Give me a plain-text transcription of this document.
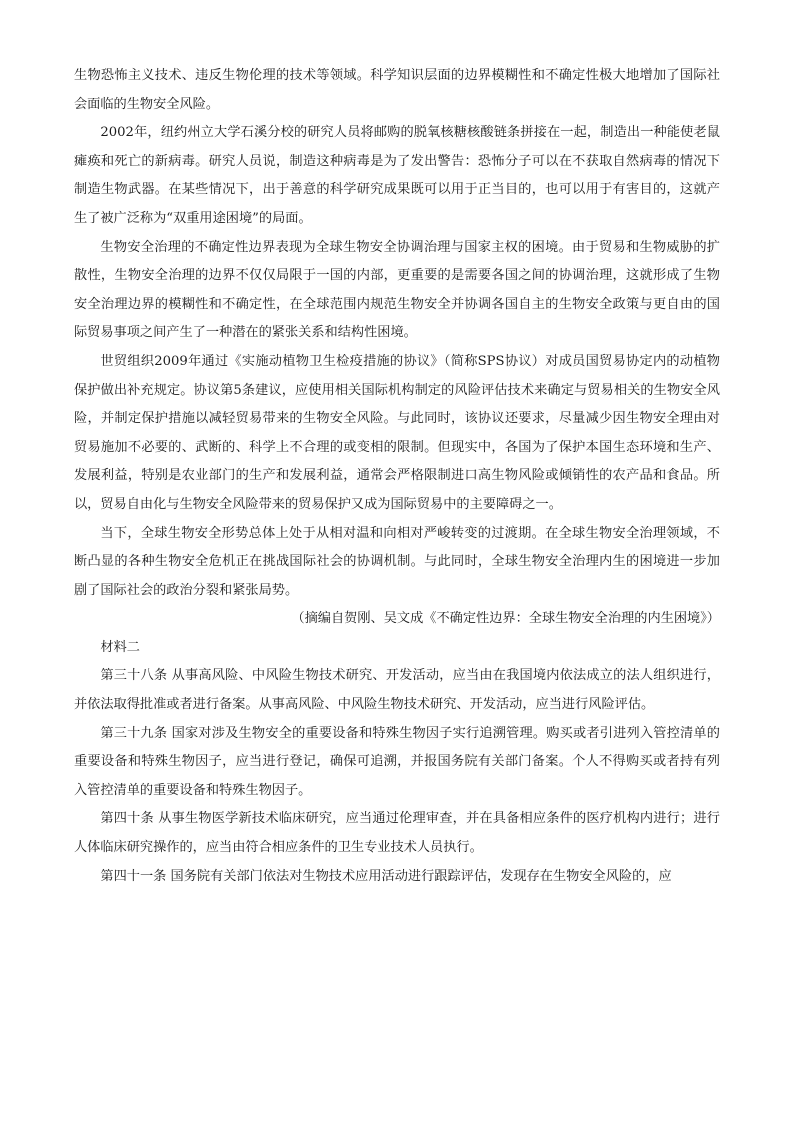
生物恐怖主义技术、违反生物伦理的技术等领域。科学知识层面的边界模糊性和不确定性极大地增加了国际社会面临的生物安全风险。

2002年，纽约州立大学石溪分校的研究人员将邮购的脱氧核糖核酸链条拼接在一起，制造出一种能使老鼠瘫痪和死亡的新病毒。研究人员说，制造这种病毒是为了发出警告：恐怖分子可以在不获取自然病毒的情况下制造生物武器。在某些情况下，出于善意的科学研究成果既可以用于正当目的，也可以用于有害目的，这就产生了被广泛称为“双重用途困境”的局面。

生物安全治理的不确定性边界表现为全球生物安全协调治理与国家主权的困境。由于贸易和生物威胁的扩散性，生物安全治理的边界不仅仅局限于一国的内部，更重要的是需要各国之间的协调治理，这就形成了生物安全治理边界的模糊性和不确定性，在全球范围内规范生物安全并协调各国自主的生物安全政策与更自由的国际贸易事项之间产生了一种潜在的紧张关系和结构性困境。

世贸组织2009年通过《实施动植物卫生检疫措施的协议》（简称SPS协议）对成员国贸易协定内的动植物保护做出补充规定。协议第5条建议，应使用相关国际机构制定的风险评估技术来确定与贸易相关的生物安全风险，并制定保护措施以减轻贸易带来的生物安全风险。与此同时，该协议还要求，尽量减少因生物安全理由对贸易施加不必要的、武断的、科学上不合理的或变相的限制。但现实中，各国为了保护本国生态环境和生产、发展利益，特别是农业部门的生产和发展利益，通常会严格限制进口高生物风险或倾销性的农产品和食品。所以，贸易自由化与生物安全风险带来的贸易保护又成为国际贸易中的主要障碍之一。

当下，全球生物安全形势总体上处于从相对温和向相对严峻转变的过渡期。在全球生物安全治理领域，不断凸显的各种生物安全危机正在挑战国际社会的协调机制。与此同时，全球生物安全治理内生的困境进一步加剧了国际社会的政治分裂和紧张局势。

（摘编自贺刚、吴文成《不确定性边界：全球生物安全治理的内生困境》）

材料二

第三十八条 从事高风险、中风险生物技术研究、开发活动，应当由在我国境内依法成立的法人组织进行，并依法取得批准或者进行备案。从事高风险、中风险生物技术研究、开发活动，应当进行风险评估。

第三十九条 国家对涉及生物安全的重要设备和特殊生物因子实行追溯管理。购买或者引进列入管控清单的重要设备和特殊生物因子，应当进行登记，确保可追溯，并报国务院有关部门备案。个人不得购买或者持有列入管控清单的重要设备和特殊生物因子。

第四十条 从事生物医学新技术临床研究，应当通过伦理审查，并在具备相应条件的医疗机构内进行；进行人体临床研究操作的，应当由符合相应条件的卫生专业技术人员执行。

第四十一条 国务院有关部门依法对生物技术应用活动进行跟踪评估，发现存在生物安全风险的，应
